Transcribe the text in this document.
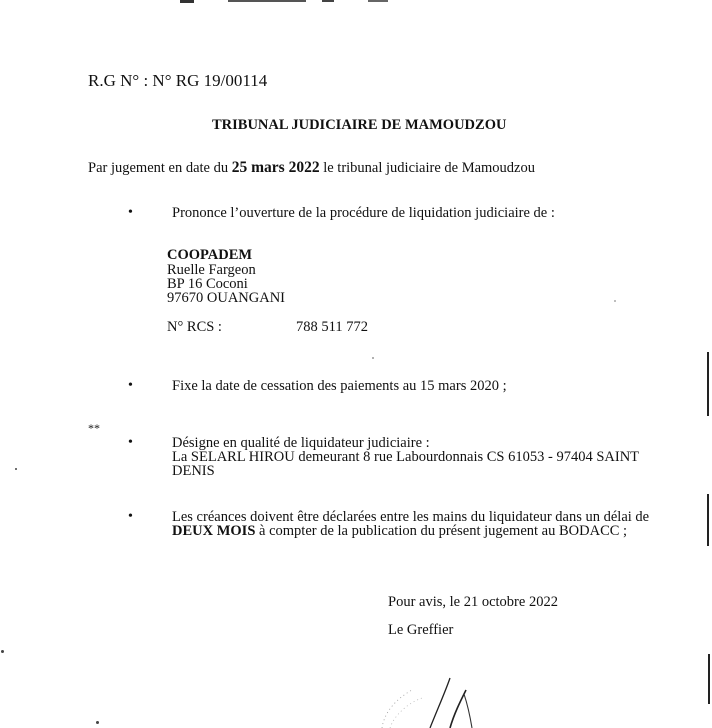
R.G N° : N° RG 19/00114
TRIBUNAL JUDICIAIRE DE MAMOUDZOU
Par jugement en date du 25 mars 2022 le tribunal judiciaire de Mamoudzou
•	Prononce l’ouverture de la procédure de liquidation judiciaire de :
COOPADEM
Ruelle Fargeon
BP 16 Coconi
97670 OUANGANI
N° RCS :	788 511 772
•	Fixe la date de cessation des paiements au 15 mars 2020 ;
**
•	Désigne en qualité de liquidateur judiciaire :
La SELARL HIROU demeurant 8 rue Labourdonnais CS 61053 - 97404 SAINT
DENIS
•	Les créances doivent être déclarées entre les mains du liquidateur dans un délai de
DEUX MOIS à compter de la publication du présent jugement au BODACC ;
Pour avis, le 21 octobre 2022
Le Greffier
